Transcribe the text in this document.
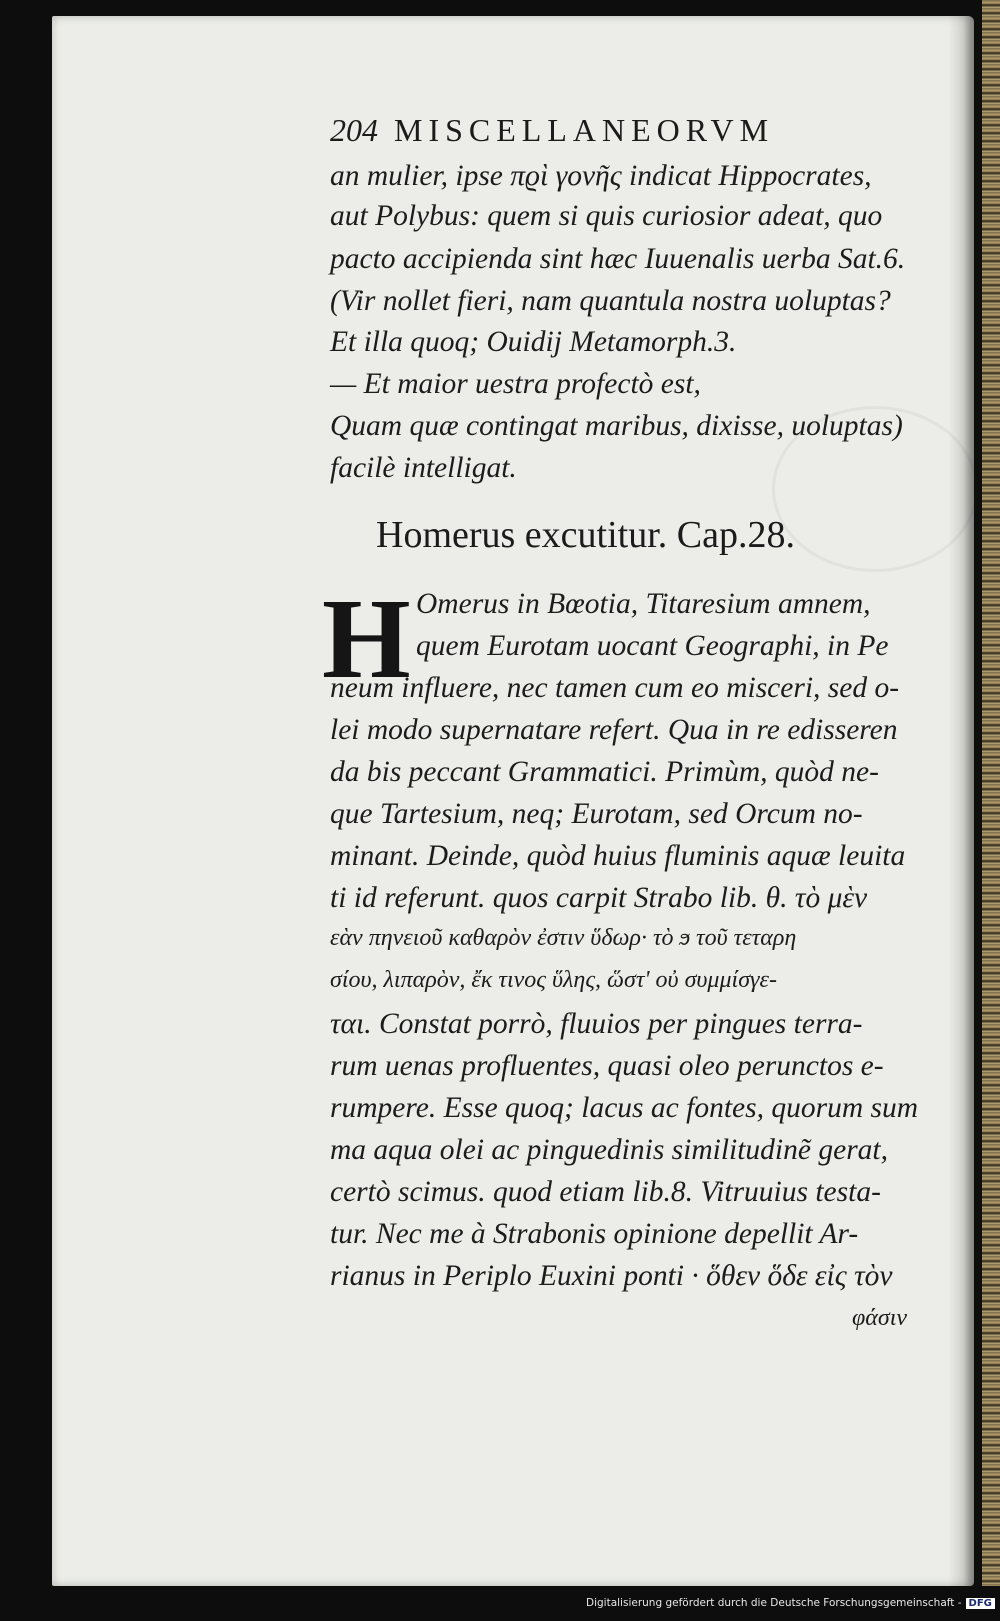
204 MISCELLANEORVM
an mulier, ipse πϱὶ γονῆς indicat Hippocrates,
aut Polybus: quem si quis curiosior adeat, quo
pacto accipienda sint hæc Iuuenalis uerba Sat.6.
(Vir nollet fieri, nam quantula nostra uoluptas?
Et illa quoq; Ouidij Metamorph.3.
— Et maior uestra profectò est,
Quam quæ contingat maribus, dixisse, uoluptas)
facilè intelligat.
Homerus excutitur. Cap.28.
H Omerus in Bœotia, Titaresium amnem,
quem Eurotam uocant Geographi, in Pe
neum influere, nec tamen cum eo misceri, sed o-
lei modo supernatare refert. Qua in re edisseren
da bis peccant Grammatici. Primùm, quòd ne-
que Tartesium, neq; Eurotam, sed Orcum no-
minant. Deinde, quòd huius fluminis aquæ leuita
ti id referunt. quos carpit Strabo lib. θ. τὸ μὲν
εὰν πηνειοῦ καθαρὸν ἐστιν ὕδωρ· τὸ ϧ τοῦ τεταρη
σίου, λιπαρὸν, ἔκ τινος ὕλης, ὥστ' οὐ συμμίσγε-
ται. Constat porrò, fluuios per pingues terra-
rum uenas profluentes, quasi oleo perunctos e-
rumpere. Esse quoq; lacus ac fontes, quorum sum
ma aqua olei ac pinguedinis similitudinẽ gerat,
certò scimus. quod etiam lib.8. Vitruuius testa-
tur. Nec me à Strabonis opinione depellit Ar-
rianus in Periplo Euxini ponti · ὅθεν ὅδε εἰς τὸν
φάσιν
Digitalisierung gefördert durch die Deutsche Forschungsgemeinschaft - DFG
